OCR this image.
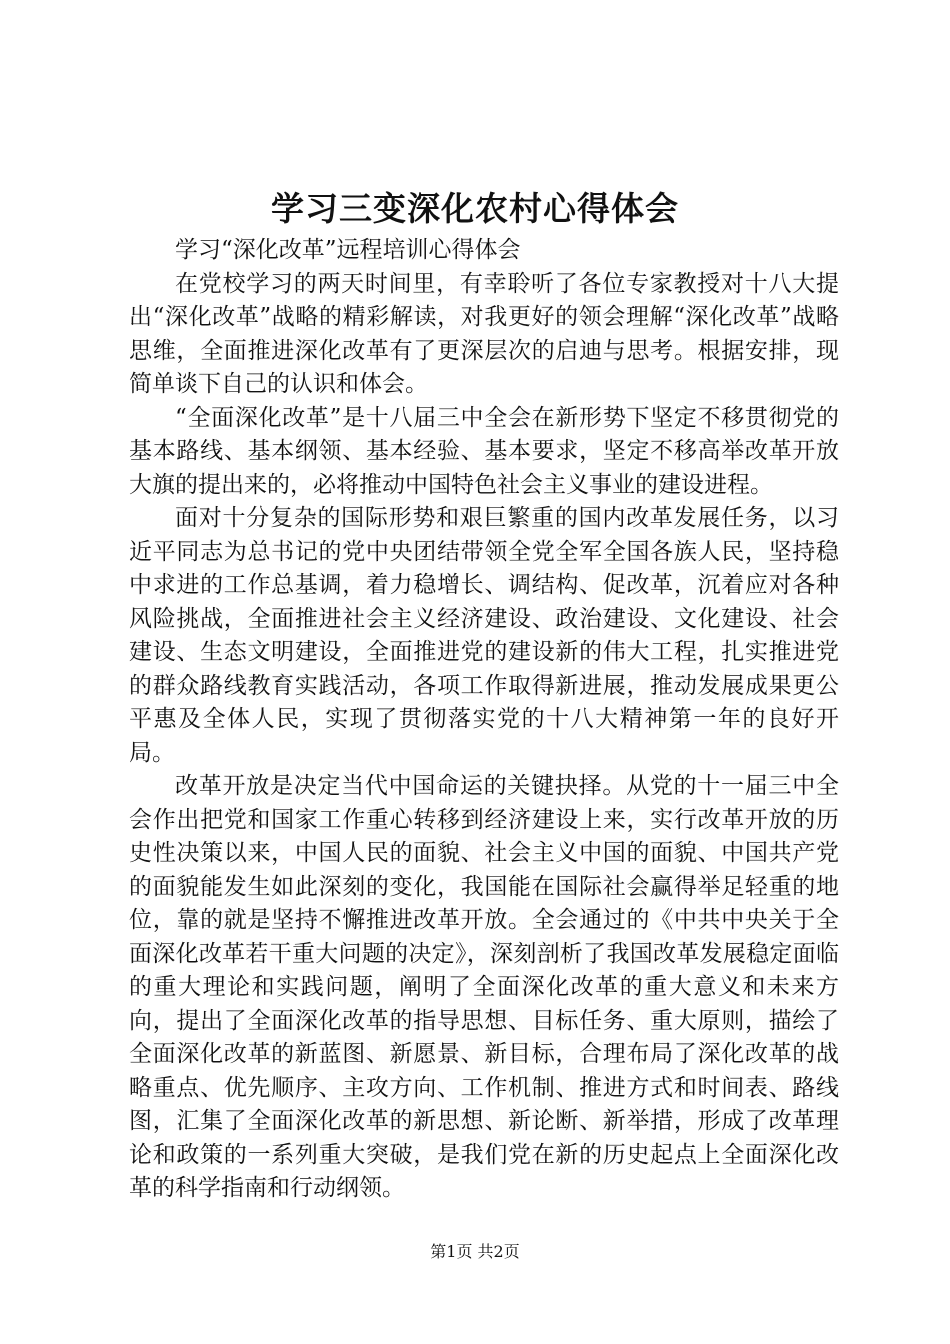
学习三变深化农村心得体会

学习“深化改革”远程培训心得体会

在党校学习的两天时间里，有幸聆听了各位专家教授对十八大提出“深化改革”战略的精彩解读，对我更好的领会理解“深化改革”战略思维，全面推进深化改革有了更深层次的启迪与思考。根据安排，现简单谈下自己的认识和体会。

“全面深化改革”是十八届三中全会在新形势下坚定不移贯彻党的基本路线、基本纲领、基本经验、基本要求，坚定不移高举改革开放大旗的提出来的，必将推动中国特色社会主义事业的建设进程。

面对十分复杂的国际形势和艰巨繁重的国内改革发展任务，以习近平同志为总书记的党中央团结带领全党全军全国各族人民，坚持稳中求进的工作总基调，着力稳增长、调结构、促改革，沉着应对各种风险挑战，全面推进社会主义经济建设、政治建设、文化建设、社会建设、生态文明建设，全面推进党的建设新的伟大工程，扎实推进党的群众路线教育实践活动，各项工作取得新进展，推动发展成果更公平惠及全体人民，实现了贯彻落实党的十八大精神第一年的良好开局。

改革开放是决定当代中国命运的关键抉择。从党的十一届三中全会作出把党和国家工作重心转移到经济建设上来，实行改革开放的历史性决策以来，中国人民的面貌、社会主义中国的面貌、中国共产党的面貌能发生如此深刻的变化，我国能在国际社会赢得举足轻重的地位，靠的就是坚持不懈推进改革开放。全会通过的《中共中央关于全面深化改革若干重大问题的决定》，深刻剖析了我国改革发展稳定面临的重大理论和实践问题，阐明了全面深化改革的重大意义和未来方向，提出了全面深化改革的指导思想、目标任务、重大原则，描绘了全面深化改革的新蓝图、新愿景、新目标，合理布局了深化改革的战略重点、优先顺序、主攻方向、工作机制、推进方式和时间表、路线图，汇集了全面深化改革的新思想、新论断、新举措，形成了改革理论和政策的一系列重大突破，是我们党在新的历史起点上全面深化改革的科学指南和行动纲领。

第1页 共2页
